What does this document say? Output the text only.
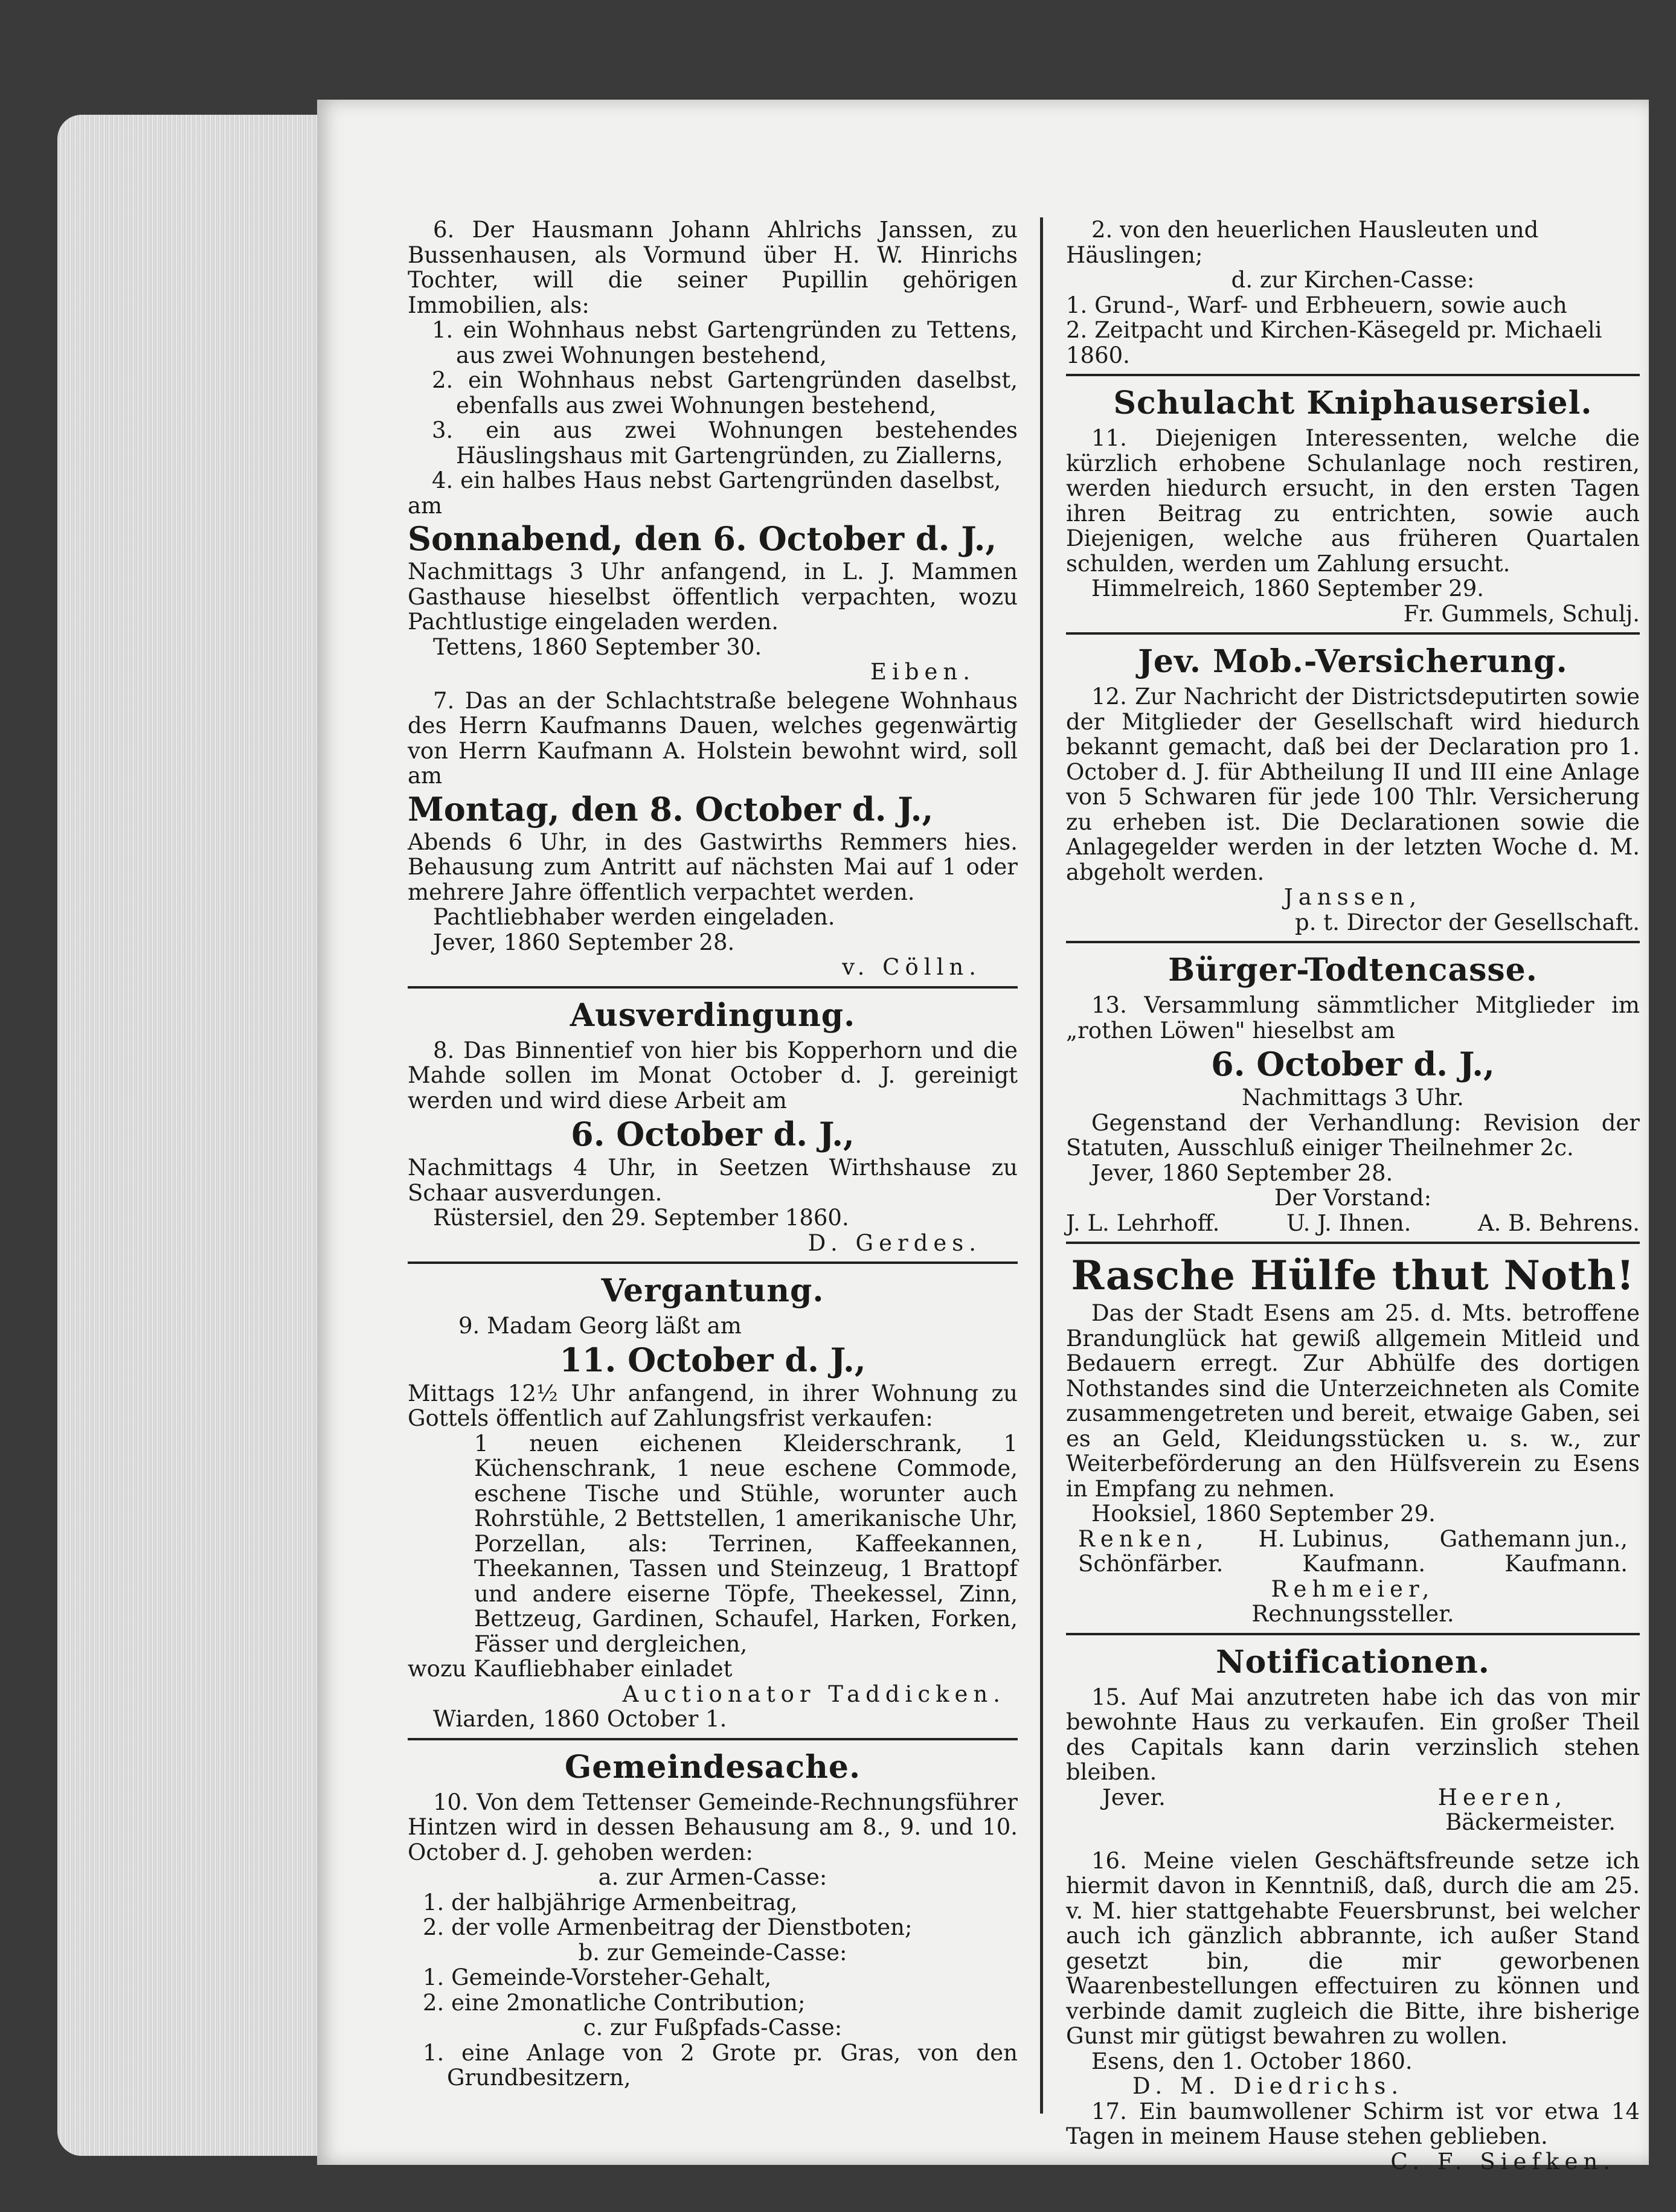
6. Der Hausmann Johann Ahlrichs Janssen, zu Bussenhausen, als Vormund über H. W. Hinrichs Tochter, will die seiner Pupillin gehörigen Immobilien, als:

1. ein Wohnhaus nebst Gartengründen zu Tettens, aus zwei Wohnungen bestehend,

2. ein Wohnhaus nebst Gartengründen daselbst, ebenfalls aus zwei Wohnungen bestehend,

3. ein aus zwei Wohnungen bestehendes Häuslingshaus mit Gartengründen, zu Ziallerns,

4. ein halbes Haus nebst Gartengründen daselbst,

am

Sonnabend, den 6. October d. J.,

Nachmittags 3 Uhr anfangend, in L. J. Mammen Gasthause hieselbst öffentlich verpachten, wozu Pachtlustige eingeladen werden.

Tettens, 1860 September 30.

Eiben.

7. Das an der Schlachtstraße belegene Wohnhaus des Herrn Kaufmanns Dauen, welches gegenwärtig von Herrn Kaufmann A. Holstein bewohnt wird, soll am

Montag, den 8. October d. J.,

Abends 6 Uhr, in des Gastwirths Remmers hies. Behausung zum Antritt auf nächsten Mai auf 1 oder mehrere Jahre öffentlich verpachtet werden.

Pachtliebhaber werden eingeladen.

Jever, 1860 September 28.

v. Cölln.

Ausverdingung.

8. Das Binnentief von hier bis Kopperhorn und die Mahde sollen im Monat October d. J. gereinigt werden und wird diese Arbeit am

6. October d. J.,

Nachmittags 4 Uhr, in Seetzen Wirthshause zu Schaar ausverdungen.

Rüstersiel, den 29. September 1860.

D. Gerdes.

Vergantung.

9. Madam Georg läßt am

11. October d. J.,

Mittags 12½ Uhr anfangend, in ihrer Wohnung zu Gottels öffentlich auf Zahlungsfrist verkaufen:

1 neuen eichenen Kleiderschrank, 1 Küchenschrank, 1 neue eschene Commode, eschene Tische und Stühle, worunter auch Rohrstühle, 2 Bettstellen, 1 amerikanische Uhr, Porzellan, als: Terrinen, Kaffeekannen, Theekannen, Tassen und Steinzeug, 1 Brattopf und andere eiserne Töpfe, Theekessel, Zinn, Bettzeug, Gardinen, Schaufel, Harken, Forken, Fässer und dergleichen,

wozu Kaufliebhaber einladet

Auctionator Taddicken.

Wiarden, 1860 October 1.

Gemeindesache.

10. Von dem Tettenser Gemeinde-Rechnungsführer Hintzen wird in dessen Behausung am 8., 9. und 10. October d. J. gehoben werden:

a. zur Armen-Casse:

1. der halbjährige Armenbeitrag,

2. der volle Armenbeitrag der Dienstboten;

b. zur Gemeinde-Casse:

1. Gemeinde-Vorsteher-Gehalt,

2. eine 2monatliche Contribution;

c. zur Fußpfads-Casse:

1. eine Anlage von 2 Grote pr. Gras, von den Grundbesitzern,

2. von den heuerlichen Hausleuten und Häuslingen;

d. zur Kirchen-Casse:

1. Grund-, Warf- und Erbheuern, sowie auch

2. Zeitpacht und Kirchen-Käsegeld pr. Michaeli 1860.

Schulacht Kniphausersiel.

11. Diejenigen Interessenten, welche die kürzlich erhobene Schulanlage noch restiren, werden hiedurch ersucht, in den ersten Tagen ihren Beitrag zu entrichten, sowie auch Diejenigen, welche aus früheren Quartalen schulden, werden um Zahlung ersucht.

Himmelreich, 1860 September 29.

Fr. Gummels, Schulj.

Jev. Mob.-Versicherung.

12. Zur Nachricht der Districtsdeputirten sowie der Mitglieder der Gesellschaft wird hiedurch bekannt gemacht, daß bei der Declaration pro 1. October d. J. für Abtheilung II und III eine Anlage von 5 Schwaren für jede 100 Thlr. Versicherung zu erheben ist. Die Declarationen sowie die Anlagegelder werden in der letzten Woche d. M. abgeholt werden.

Janssen,

p. t. Director der Gesellschaft.

Bürger-Todtencasse.

13. Versammlung sämmtlicher Mitglieder im „rothen Löwen" hieselbst am

6. October d. J.,

Nachmittags 3 Uhr.

Gegenstand der Verhandlung: Revision der Statuten, Ausschluß einiger Theilnehmer 2c.

Jever, 1860 September 28.

Der Vorstand:

J. L. Lehrhoff.	U. J. Ihnen.	A. B. Behrens.

Rasche Hülfe thut Noth!

Das der Stadt Esens am 25. d. Mts. betroffene Brandunglück hat gewiß allgemein Mitleid und Bedauern erregt. Zur Abhülfe des dortigen Nothstandes sind die Unterzeichneten als Comite zusammengetreten und bereit, etwaige Gaben, sei es an Geld, Kleidungsstücken u. s. w., zur Weiterbeförderung an den Hülfsverein zu Esens in Empfang zu nehmen.

Hooksiel, 1860 September 29.

Renken, H. Lubinus, Gathemann jun.,
Schönfärber.	Kaufmann.	Kaufmann.

Rehmeier,

Rechnungssteller.

Notificationen.

15. Auf Mai anzutreten habe ich das von mir bewohnte Haus zu verkaufen. Ein großer Theil des Capitals kann darin verzinslich stehen bleiben.

Jever.	Heeren,

Bäckermeister.

16. Meine vielen Geschäftsfreunde setze ich hiermit davon in Kenntniß, daß, durch die am 25. v. M. hier stattgehabte Feuersbrunst, bei welcher auch ich gänzlich abbrannte, ich außer Stand gesetzt bin, die mir geworbenen Waarenbestellungen effectuiren zu können und verbinde damit zugleich die Bitte, ihre bisherige Gunst mir gütigst bewahren zu wollen.

Esens, den 1. October 1860.

D. M. Diedrichs.

17. Ein baumwollener Schirm ist vor etwa 14 Tagen in meinem Hause stehen geblieben.

C. F. Siefken.
